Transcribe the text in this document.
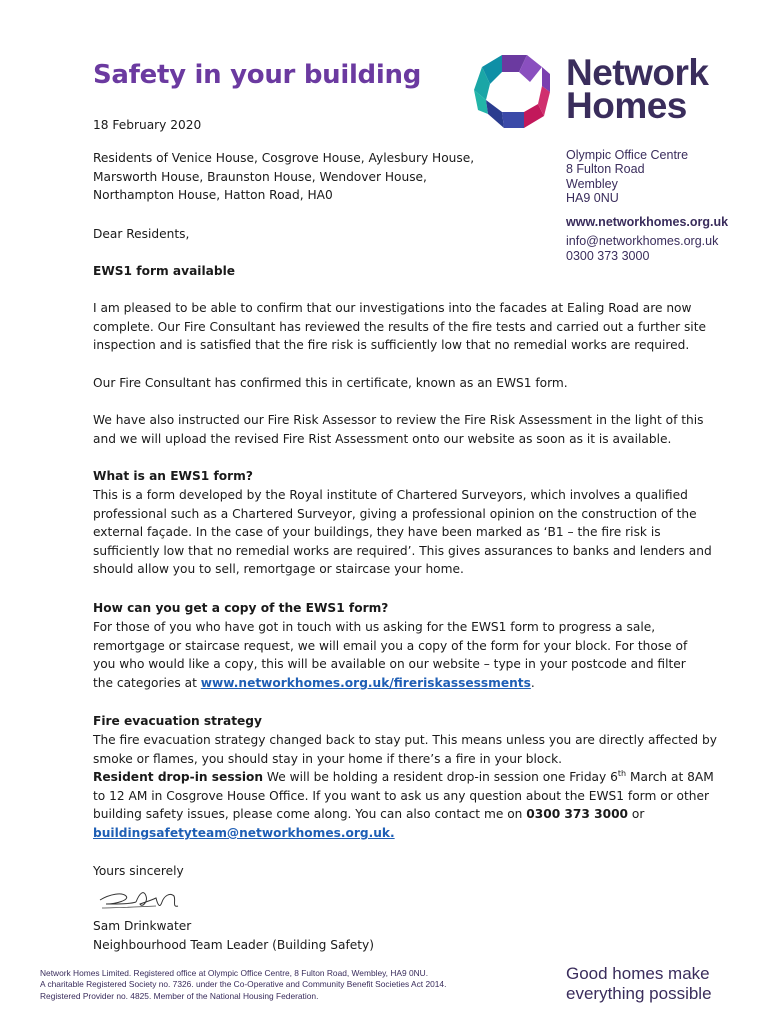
Safety in your building	Network
Homes
Olympic Office Centre
8 Fulton Road
Wembley
HA9 0NU
www.networkhomes.org.uk
info@networkhomes.org.uk
0300 373 3000
18 February 2020
Residents of Venice House, Cosgrove House, Aylesbury House,
Marsworth House, Braunston House, Wendover House,
Northampton House, Hatton Road, HA0
Dear Residents,
EWS1 form available
I am pleased to be able to confirm that our investigations into the facades at Ealing Road are now
complete. Our Fire Consultant has reviewed the results of the fire tests and carried out a further site
inspection and is satisfied that the fire risk is sufficiently low that no remedial works are required.
Our Fire Consultant has confirmed this in certificate, known as an EWS1 form.
We have also instructed our Fire Risk Assessor to review the Fire Risk Assessment in the light of this
and we will upload the revised Fire Rist Assessment onto our website as soon as it is available.
What is an EWS1 form?
This is a form developed by the Royal institute of Chartered Surveyors, which involves a qualified
professional such as a Chartered Surveyor, giving a professional opinion on the construction of the
external façade. In the case of your buildings, they have been marked as ‘B1 – the fire risk is
sufficiently low that no remedial works are required’. This gives assurances to banks and lenders and
should allow you to sell, remortgage or staircase your home.
How can you get a copy of the EWS1 form?
For those of you who have got in touch with us asking for the EWS1 form to progress a sale,
remortgage or staircase request, we will email you a copy of the form for your block. For those of
you who would like a copy, this will be available on our website – type in your postcode and filter
the categories at www.networkhomes.org.uk/fireriskassessments.
Fire evacuation strategy
The fire evacuation strategy changed back to stay put. This means unless you are directly affected by
smoke or flames, you should stay in your home if there’s a fire in your block.
Resident drop-in session We will be holding a resident drop-in session one Friday 6th March at 8AM
to 12 AM in Cosgrove House Office. If you want to ask us any question about the EWS1 form or other
building safety issues, please come along. You can also contact me on 0300 373 3000 or
buildingsafetyteam@networkhomes.org.uk.
Yours sincerely
Sam Drinkwater
Neighbourhood Team Leader (Building Safety)
Network Homes Limited. Registered office at Olympic Office Centre, 8 Fulton Road, Wembley, HA9 0NU.
A charitable Registered Society no. 7326. under the Co-Operative and Community Benefit Societies Act 2014.
Registered Provider no. 4825. Member of the National Housing Federation.
Good homes make
everything possible
